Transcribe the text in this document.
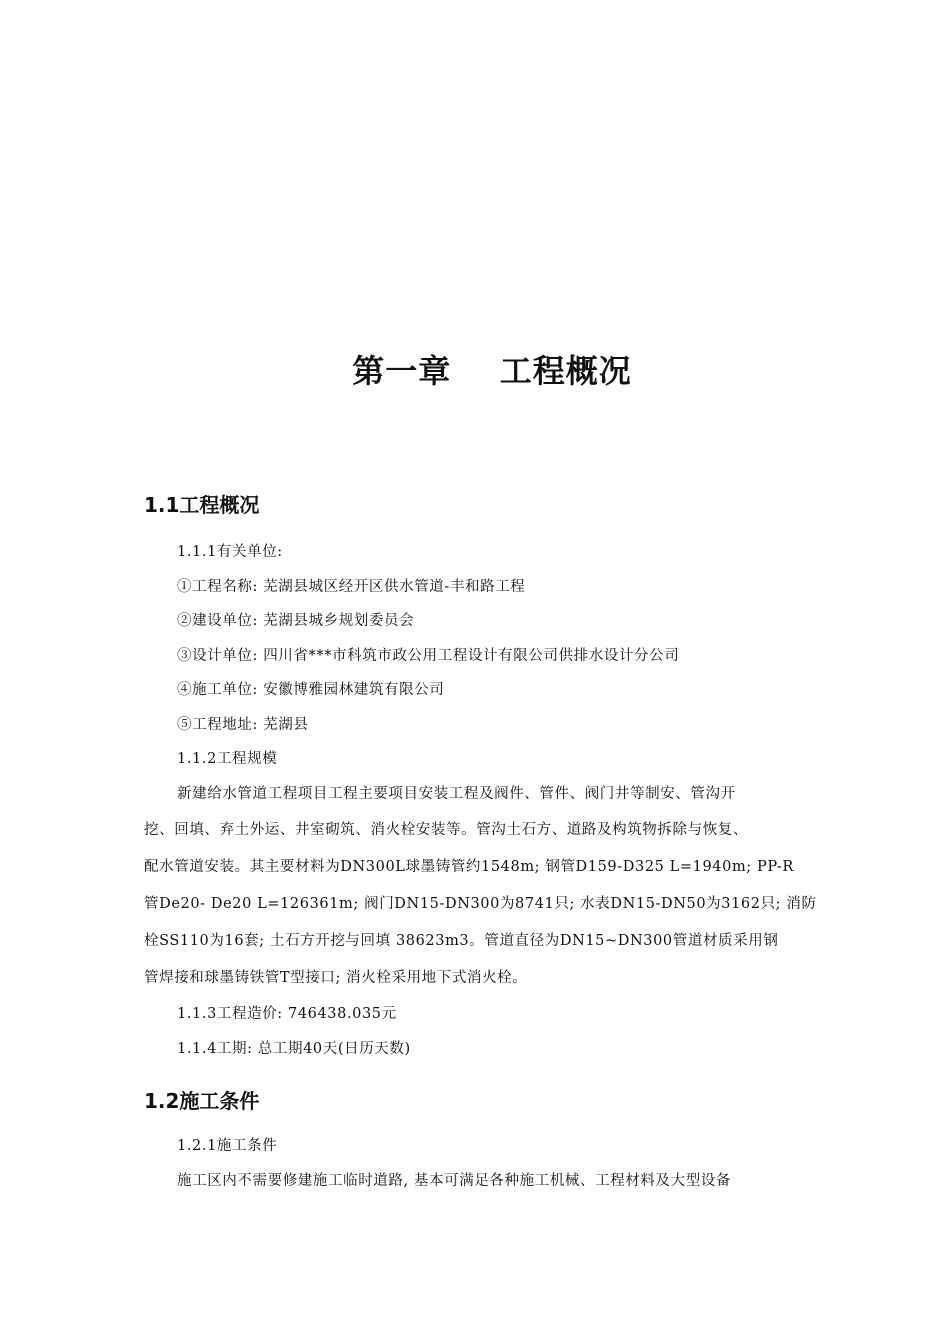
第一章    工程概况
1.1工程概况
1.1.1有关单位:
①工程名称: 芜湖县城区经开区供水管道-丰和路工程
②建设单位: 芜湖县城乡规划委员会
③设计单位: 四川省***市科筑市政公用工程设计有限公司供排水设计分公司
④施工单位: 安徽博雅园林建筑有限公司
⑤工程地址: 芜湖县
1.1.2工程规模
新建给水管道工程项目工程主要项目安装工程及阀件、管件、阀门井等制安、管沟开
挖、回填、弃土外运、井室砌筑、消火栓安装等。管沟土石方、道路及构筑物拆除与恢复、
配水管道安装。其主要材料为DN300L球墨铸管约1548m; 钢管D159-D325 L=1940m; PP-R
管De20- De20 L=126361m; 阀门DN15-DN300为8741只; 水表DN15-DN50为3162只; 消防
栓SS110为16套; 土石方开挖与回填 38623m3。管道直径为DN15~DN300管道材质采用钢
管焊接和球墨铸铁管T型接口; 消火栓采用地下式消火栓。
1.1.3工程造价: 746438.035元
1.1.4工期: 总工期40天(日历天数)
1.2施工条件
1.2.1施工条件
施工区内不需要修建施工临时道路, 基本可满足各种施工机械、工程材料及大型设备
